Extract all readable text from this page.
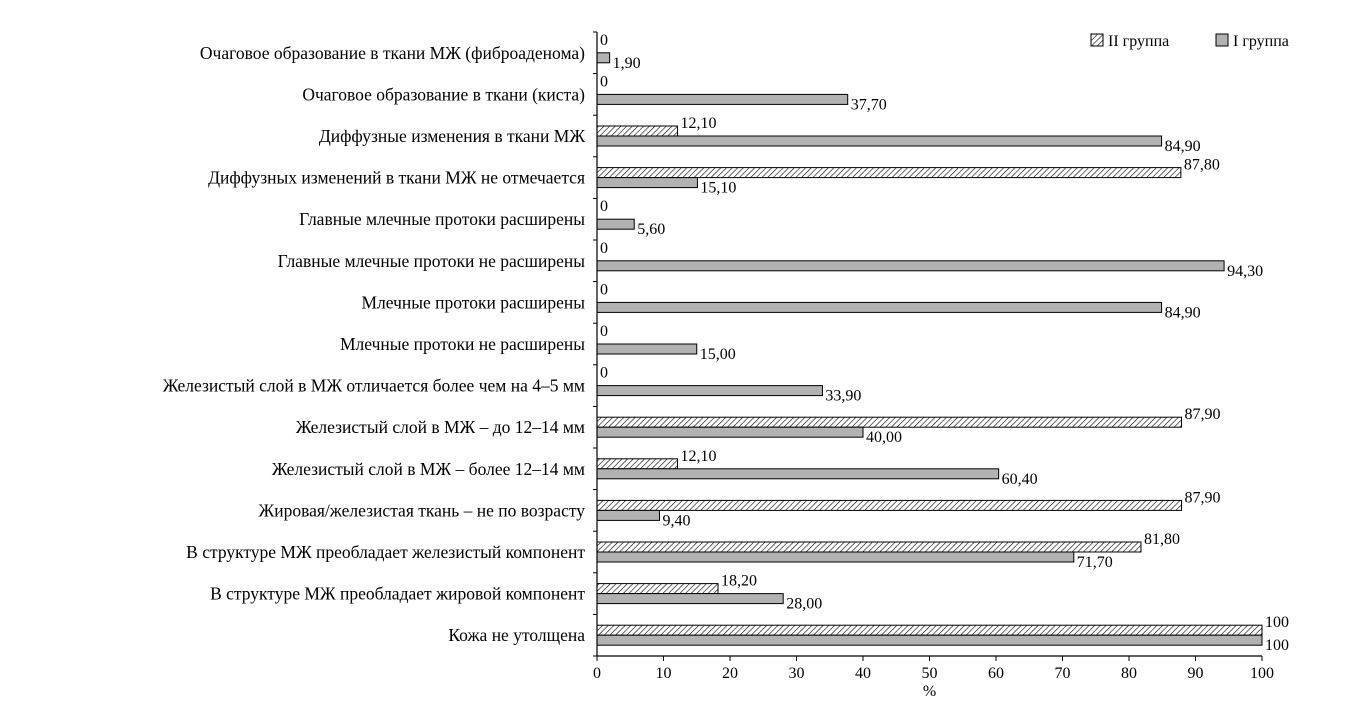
0	10	20	30	40	50	60	70	80	90	100
%
Очаговое образование в ткани МЖ (фиброаденома)
0
1,90
Очаговое образование в ткани (киста)
0
37,70
Диффузные изменения в ткани МЖ
12,10
84,90
Диффузных изменений в ткани МЖ не отмечается
87,80
15,10
Главные млечные протоки расширены
0
5,60
Главные млечные протоки не расширены
0
94,30
Млечные протоки расширены
0
84,90
Млечные протоки не расширены
0
15,00
Железистый слой в МЖ отличается более чем на 4–5 мм
0
33,90
Железистый слой в МЖ – до 12–14 мм
87,90
40,00
Железистый слой в МЖ – более 12–14 мм
12,10
60,40
Жировая/железистая ткань – не по возрасту
87,90
9,40
В структуре МЖ преобладает железистый компонент
81,80
71,70
В структуре МЖ преобладает жировой компонент
18,20
28,00
Кожа не утолщена
100
100
II группа	I группа
